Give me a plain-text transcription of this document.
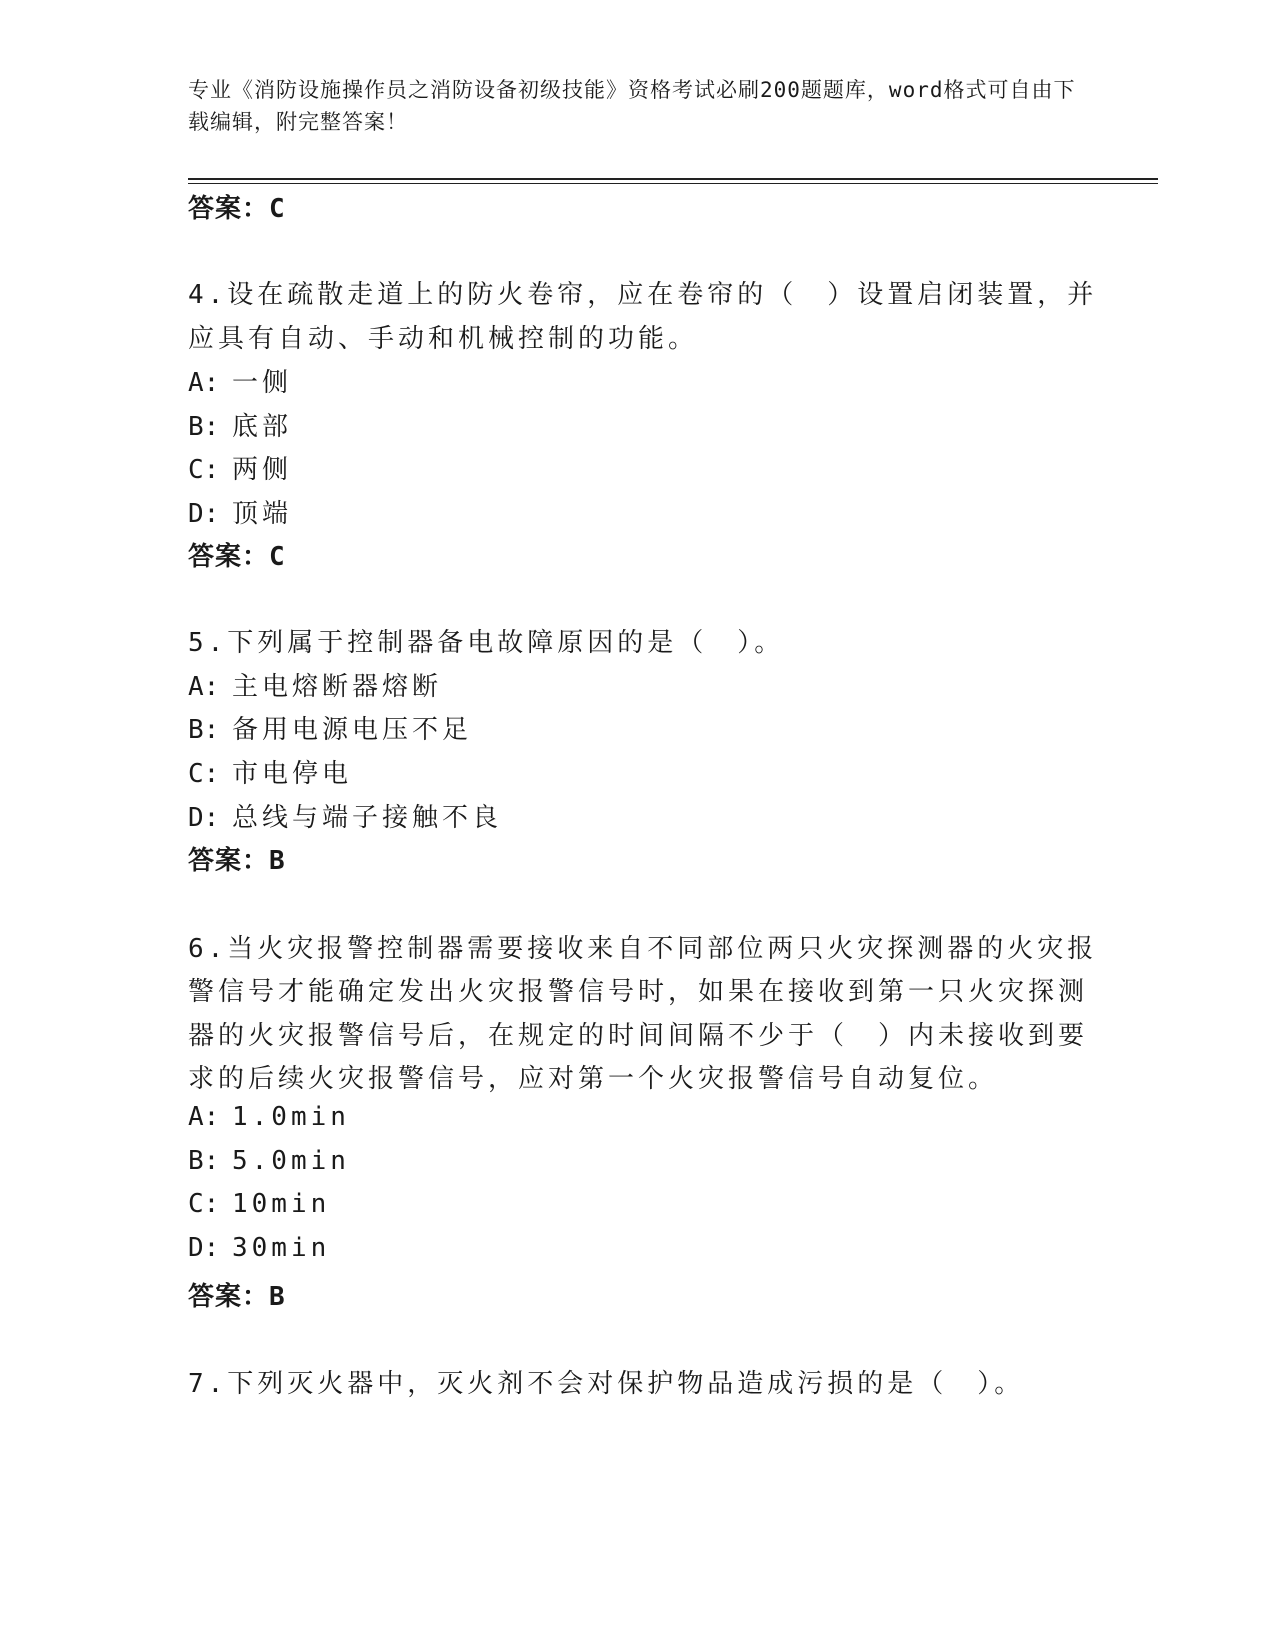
专业《消防设施操作员之消防设备初级技能》资格考试必刷200题题库，word格式可自由下载编辑，附完整答案！

答案：C
4.设在疏散走道上的防火卷帘，应在卷帘的（　）设置启闭装置，并
应具有自动、手动和机械控制的功能。
A: 一侧
B: 底部
C: 两侧
D: 顶端
答案：C
5.下列属于控制器备电故障原因的是（　）。
A: 主电熔断器熔断
B: 备用电源电压不足
C: 市电停电
D: 总线与端子接触不良
答案：B
6.当火灾报警控制器需要接收来自不同部位两只火灾探测器的火灾报
警信号才能确定发出火灾报警信号时，如果在接收到第一只火灾探测
器的火灾报警信号后，在规定的时间间隔不少于（　）内未接收到要
求的后续火灾报警信号，应对第一个火灾报警信号自动复位。
A: 1.0min
B: 5.0min
C: 10min
D: 30min
答案：B
7.下列灭火器中，灭火剂不会对保护物品造成污损的是（　）。
